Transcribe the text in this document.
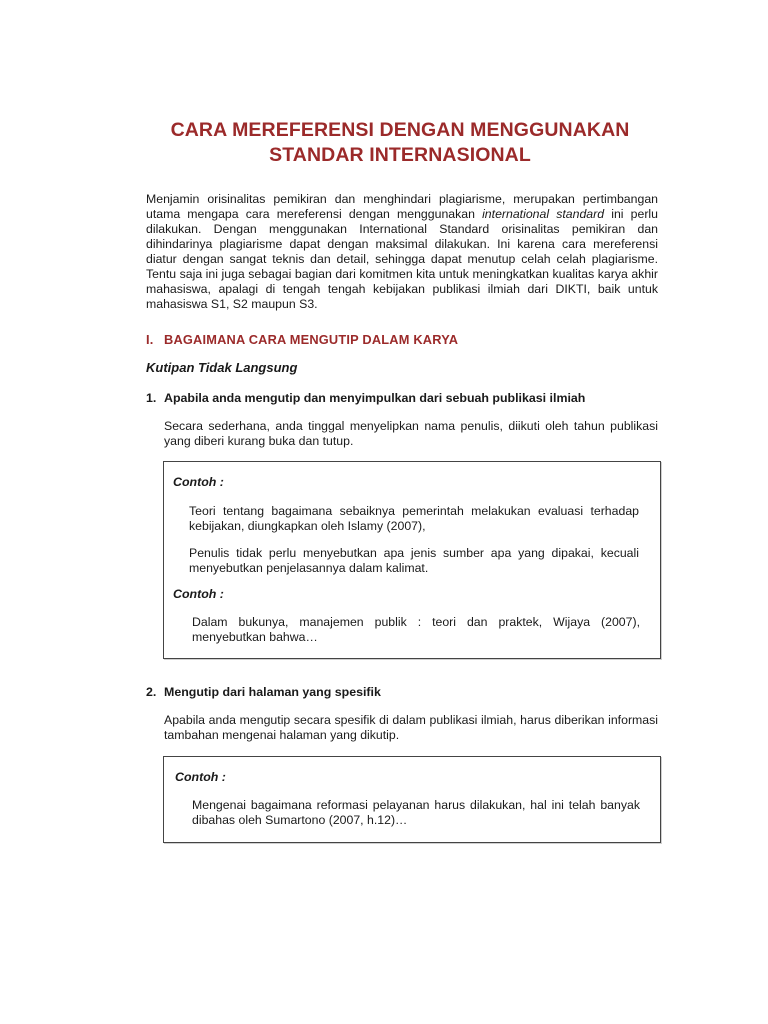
CARA MEREFERENSI DENGAN MENGGUNAKAN
STANDAR INTERNASIONAL

Menjamin orisinalitas pemikiran dan menghindari plagiarisme, merupakan pertimbangan utama mengapa cara mereferensi dengan menggunakan international standard ini perlu dilakukan. Dengan menggunakan International Standard orisinalitas pemikiran dan dihindarinya plagiarisme dapat dengan maksimal dilakukan. Ini karena cara mereferensi diatur dengan sangat teknis dan detail, sehingga dapat menutup celah celah plagiarisme. Tentu saja ini juga sebagai bagian dari komitmen kita untuk meningkatkan kualitas karya akhir mahasiswa, apalagi di tengah tengah kebijakan publikasi ilmiah dari DIKTI, baik untuk mahasiswa S1, S2 maupun S3.

I. BAGAIMANA CARA MENGUTIP DALAM KARYA
Kutipan Tidak Langsung
1. Apabila anda mengutip dan menyimpulkan dari sebuah publikasi ilmiah

Secara sederhana, anda tinggal menyelipkan nama penulis, diikuti oleh tahun publikasi yang diberi kurang buka dan tutup.

Contoh :

Teori tentang bagaimana sebaiknya pemerintah melakukan evaluasi terhadap kebijakan, diungkapkan oleh Islamy (2007),

Penulis tidak perlu menyebutkan apa jenis sumber apa yang dipakai, kecuali menyebutkan penjelasannya dalam kalimat.

Contoh :

Dalam bukunya, manajemen publik : teori dan praktek, Wijaya (2007), menyebutkan bahwa…

2. Mengutip dari halaman yang spesifik

Apabila anda mengutip secara spesifik di dalam publikasi ilmiah, harus diberikan informasi tambahan mengenai halaman yang dikutip.

Contoh :

Mengenai bagaimana reformasi pelayanan harus dilakukan, hal ini telah banyak dibahas oleh Sumartono (2007, h.12)…
